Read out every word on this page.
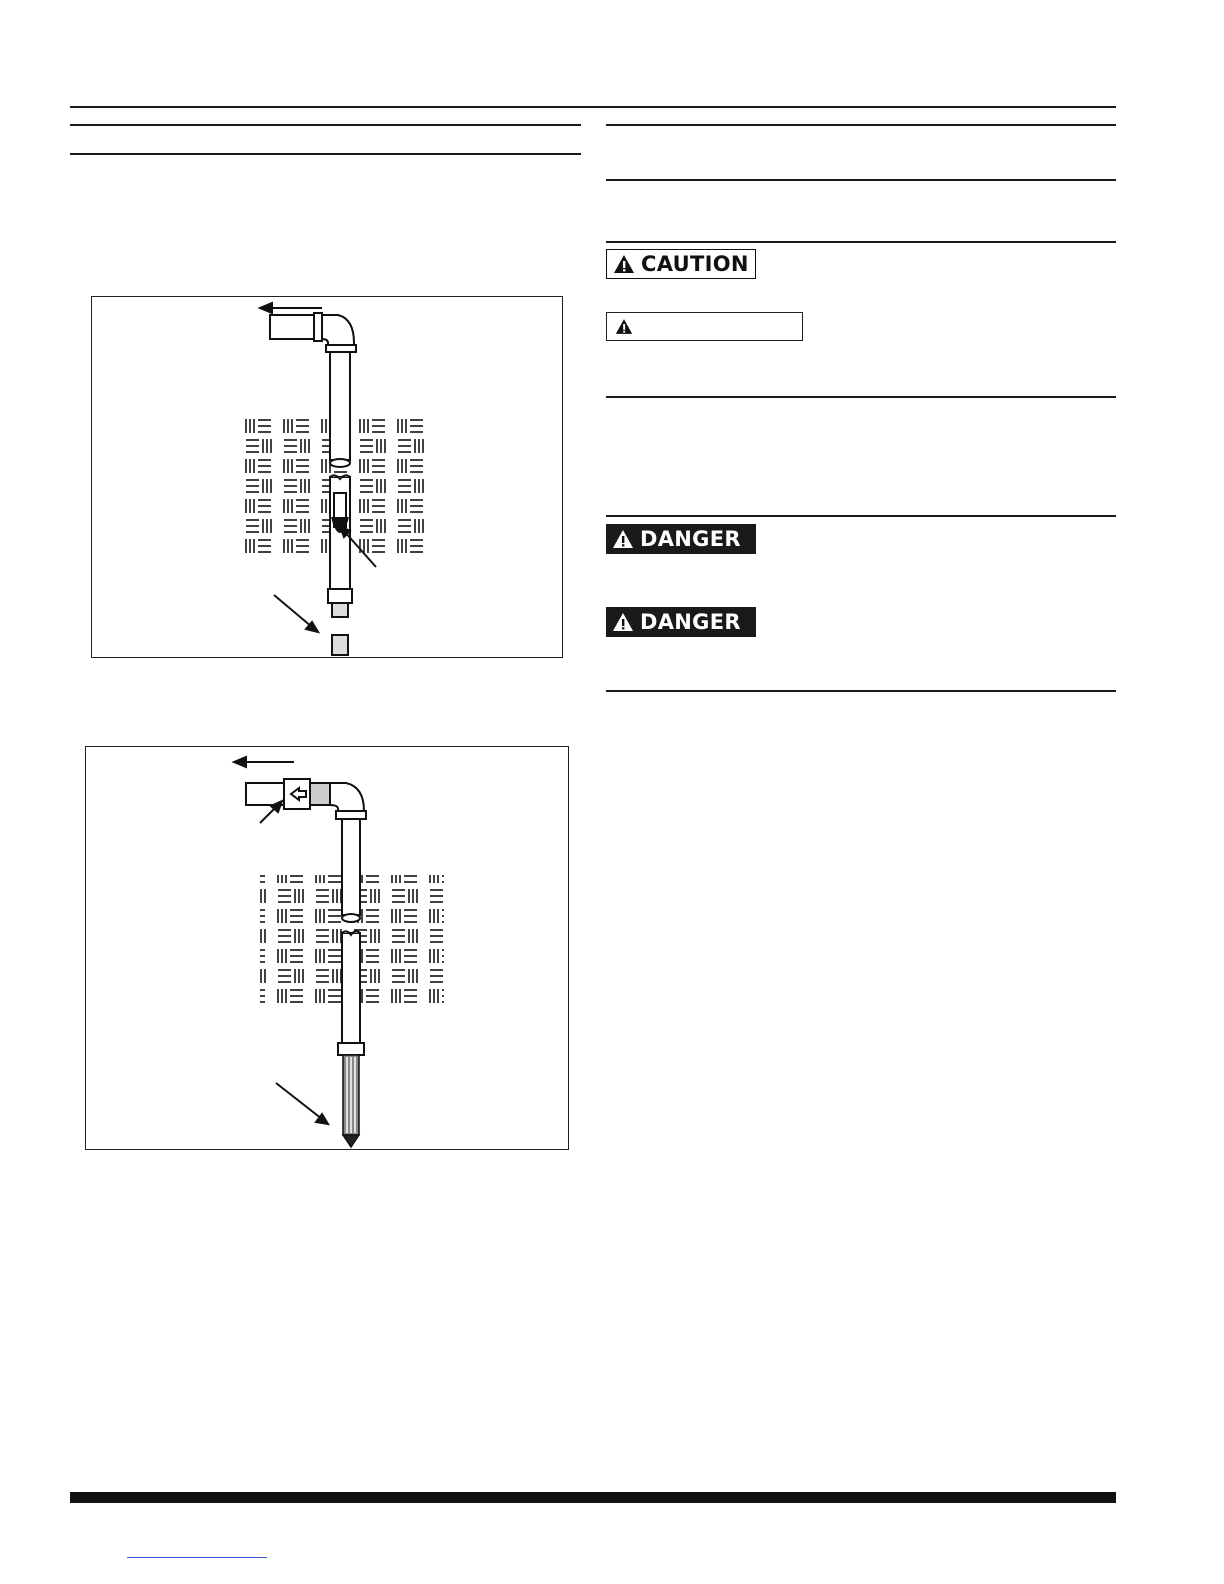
CAUTION
DANGER
DANGER
